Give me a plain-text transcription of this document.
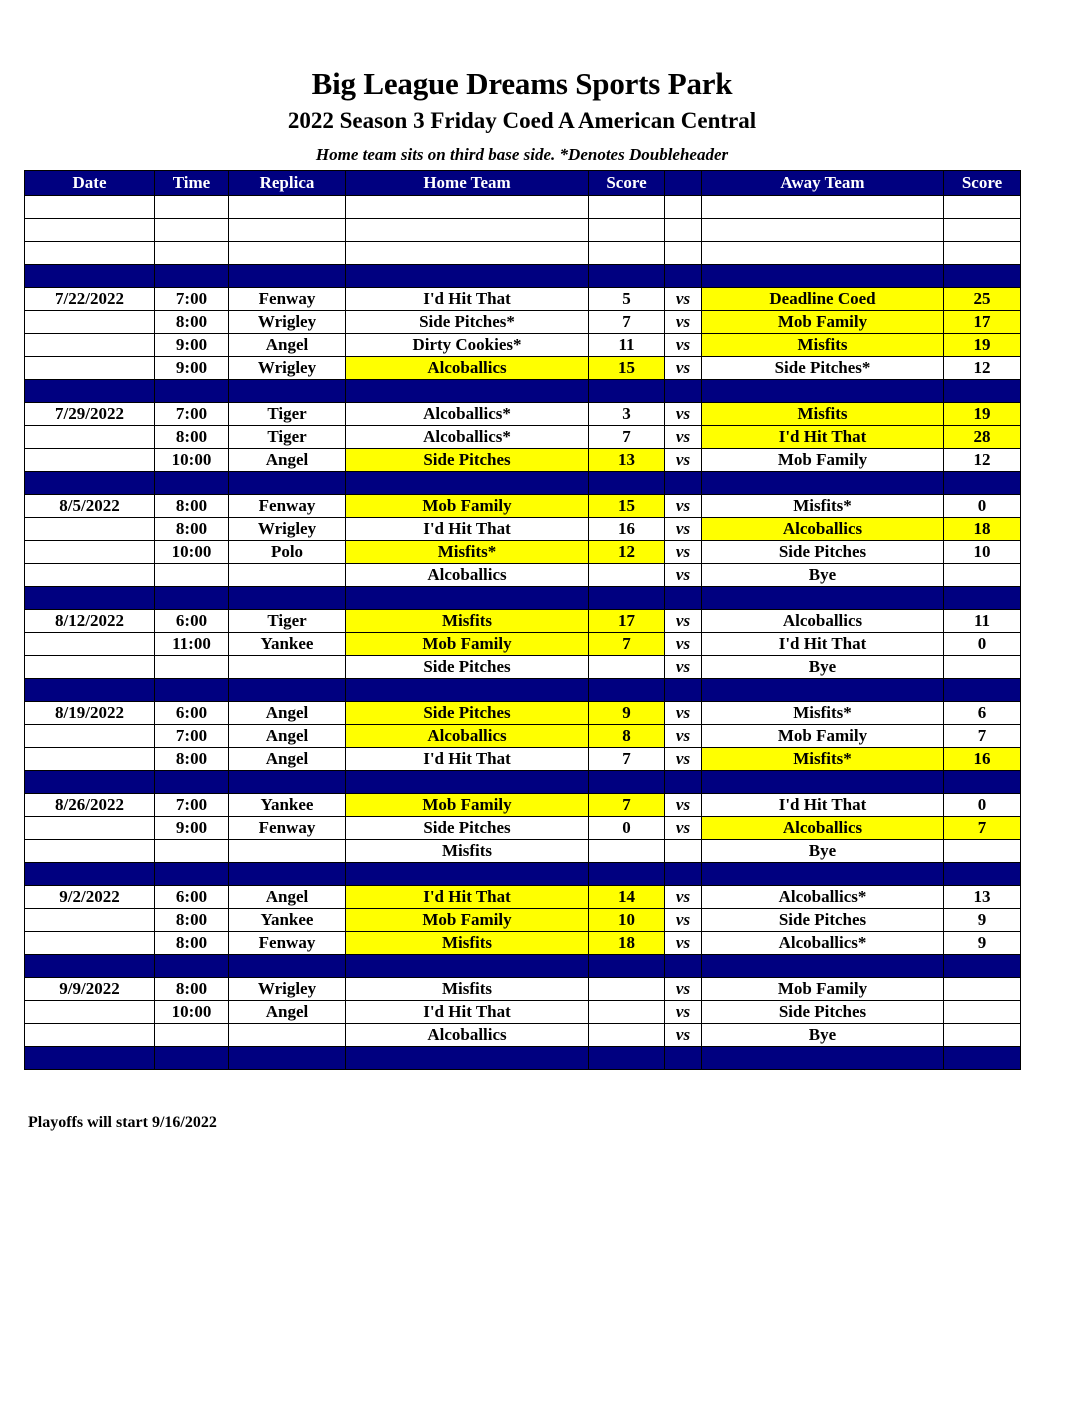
Big League Dreams Sports Park
2022 Season 3 Friday Coed A American Central
Home team sits on third base side. *Denotes Doubleheader
Date	Time	Replica	Home Team	Score		Away Team	Score

7/22/2022	7:00	Fenway	I'd Hit That	5	vs	Deadline Coed	25
	8:00	Wrigley	Side Pitches*	7	vs	Mob Family	17
	9:00	Angel	Dirty Cookies*	11	vs	Misfits	19
	9:00	Wrigley	Alcoballics	15	vs	Side Pitches*	12

7/29/2022	7:00	Tiger	Alcoballics*	3	vs	Misfits	19
	8:00	Tiger	Alcoballics*	7	vs	I'd Hit That	28
	10:00	Angel	Side Pitches	13	vs	Mob Family	12

8/5/2022	8:00	Fenway	Mob Family	15	vs	Misfits*	0
	8:00	Wrigley	I'd Hit That	16	vs	Alcoballics	18
	10:00	Polo	Misfits*	12	vs	Side Pitches	10
			Alcoballics		vs	Bye	

8/12/2022	6:00	Tiger	Misfits	17	vs	Alcoballics	11
	11:00	Yankee	Mob Family	7	vs	I'd Hit That	0
			Side Pitches		vs	Bye	

8/19/2022	6:00	Angel	Side Pitches	9	vs	Misfits*	6
	7:00	Angel	Alcoballics	8	vs	Mob Family	7
	8:00	Angel	I'd Hit That	7	vs	Misfits*	16

8/26/2022	7:00	Yankee	Mob Family	7	vs	I'd Hit That	0
	9:00	Fenway	Side Pitches	0	vs	Alcoballics	7
			Misfits			Bye	

9/2/2022	6:00	Angel	I'd Hit That	14	vs	Alcoballics*	13
	8:00	Yankee	Mob Family	10	vs	Side Pitches	9
	8:00	Fenway	Misfits	18	vs	Alcoballics*	9

9/9/2022	8:00	Wrigley	Misfits		vs	Mob Family	
	10:00	Angel	I'd Hit That		vs	Side Pitches	
			Alcoballics		vs	Bye	

Playoffs will start 9/16/2022
